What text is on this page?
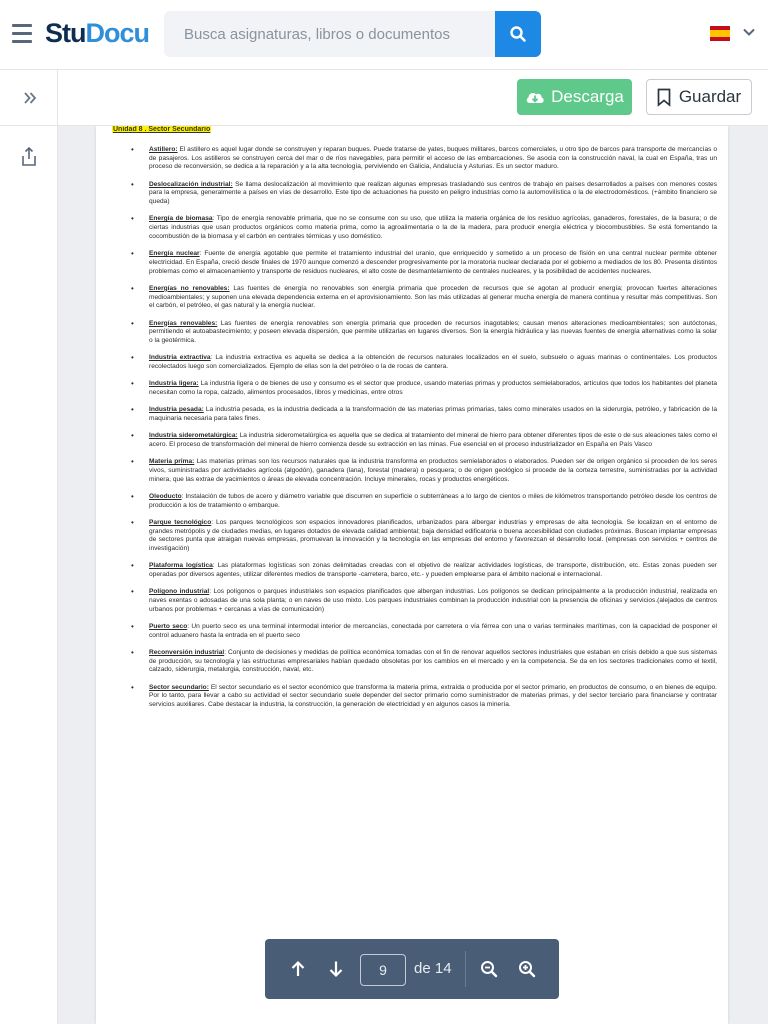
StuDocu
Busca asignaturas, libros o documentos
Descarga	Guardar
Unidad 8 . Sector Secundario
• Astillero: El astillero es aquel lugar donde se construyen y reparan buques. Puede tratarse de yates, buques militares, barcos comerciales, u otro tipo de barcos para transporte de mercancías o de pasajeros. Los astilleros se construyen cerca del mar o de ríos navegables, para permitir el acceso de las embarcaciones. Se asocia con la construcción naval, la cual en España, tras un proceso de reconversión, se dedica a la reparación y a la alta tecnología, perviviendo en Galicia, Andalucía y Asturias. Es un sector maduro.
• Deslocalización industrial: Se llama deslocalización al movimiento que realizan algunas empresas trasladando sus centros de trabajo en países desarrollados a países con menores costes para la empresa, generalmente a países en vías de desarrollo. Este tipo de actuaciones ha puesto en peligro industrias como la automovilística o la de electrodomésticos. (+ámbito financiero se queda)
• Energía de biomasa: Tipo de energía renovable primaria, que no se consume con su uso, que utiliza la materia orgánica de los residuo agrícolas, ganaderos, forestales, de la basura; o de ciertas industrias que usan productos orgánicos como materia prima, como la agroalimentaria o la de la madera, para producir energía eléctrica y biocombustibles. Se está fomentando la cocombustión de la biomasa y el carbón en centrales térmicas y uso doméstico.
• Energía nuclear: Fuente de energía agotable que permite el tratamiento industrial del uranio, que enriquecido y sometido a un proceso de fisión en una central nuclear permite obtener electricidad. En España, creció desde finales de 1970 aunque comenzó a descender progresivamente por la moratoria nuclear declarada por el gobierno a mediados de los 80. Presenta distintos problemas como el almacenamiento y transporte de residuos nucleares, el alto coste de desmantelamiento de centrales nucleares, y la posibilidad de accidentes nucleares.
• Energías no renovables: Las fuentes de energía no renovables son energía primaria que proceden de recursos que se agotan al producir energía; provocan fuertes alteraciones medioambientales; y suponen una elevada dependencia externa en el aprovisionamiento. Son las más utilizadas al generar mucha energía de manera continua y resultar más competitivas. Son el carbón, el petróleo, el gas natural y la energía nuclear.
• Energías renovables: Las fuentes de energía renovables son energía primaria que proceden de recursos inagotables; causan menos alteraciones medioambientales; son autóctonas, permitiendo el autoabastecimiento; y poseen elevada dispersión, que permite utilizarlas en lugares diversos. Son la energía hidráulica y las nuevas fuentes de energía alternativas como la solar o la geotérmica.
• Industria extractiva: La industria extractiva es aquella se dedica a la obtención de recursos naturales localizados en el suelo, subsuelo o aguas marinas o continentales. Los productos recolectados luego son comercializados. Ejemplo de ellas son la del petróleo o la de rocas de cantera.
• Industria ligera: La industria ligera o de bienes de uso y consumo es el sector que produce, usando materias primas y productos semielaborados, artículos que todos los habitantes del planeta necesitan como la ropa, calzado, alimentos procesados, libros y medicinas, entre otros
• Industria pesada: La industria pesada, es la industria dedicada a la transformación de las materias primas primarias, tales como minerales usados en la siderurgia, petróleo, y fabricación de la maquinaria necesaria para tales fines.
• Industria siderometalúrgica: La industria siderometalúrgica es aquella que se dedica al tratamiento del mineral de hierro para obtener diferentes tipos de este o de sus aleaciones tales como el acero. El proceso de transformación del mineral de hierro comienza desde su extracción en las minas. Fue esencial en el proceso industrializador en España en País Vasco
• Materia prima: Las materias primas son los recursos naturales que la industria transforma en productos semielaborados o elaborados. Pueden ser de origen orgánico si proceden de los seres vivos, suministradas por actividades agrícola (algodón), ganadera (lana), forestal (madera) o pesquera; o de origen geológico si procede de la corteza terrestre, suministradas por la actividad minera, que las extrae de yacimientos o áreas de elevada concentración. Incluye minerales, rocas y productos energéticos.
• Oleoducto: Instalación de tubos de acero y diámetro variable que discurren en superficie o subterráneas a lo largo de cientos o miles de kilómetros transportando petróleo desde los centros de producción a los de tratamiento o embarque.
• Parque tecnológico: Los parques tecnológicos son espacios innovadores planificados, urbanizados para albergar industrias y empresas de alta tecnología. Se localizan en el entorno de grandes metrópolis y de ciudades medias, en lugares dotados de elevada calidad ambiental; baja densidad edificatoria o buena accesibilidad con ciudades próximas. Buscan implantar empresas de sectores punta que atraigan nuevas empresas, promuevan la innovación y la tecnología en las empresas del entorno y favorezcan el desarrollo local. (empresas con servicios + centros de investigación)
• Plataforma logística: Las plataformas logísticas son zonas delimitadas creadas con el objetivo de realizar actividades logísticas, de transporte, distribución, etc. Estas zonas pueden ser operadas por diversos agentes, utilizar diferentes medios de transporte -carretera, barco, etc.- y pueden emplearse para el ámbito nacional e internacional.
• Polígono industrial: Los polígonos o parques industriales son espacios planificados que albergan industrias. Los polígonos se dedican principalmente a la producción industrial, realizada en naves exentas o adosadas de una sola planta; o en naves de uso mixto. Los parques industriales combinan la producción industrial con la presencia de oficinas y servicios.(alejados de centros urbanos por problemas + cercanas a vías de comunicación)
• Puerto seco: Un puerto seco es una terminal intermodal interior de mercancías, conectada por carretera o vía férrea con una o varias terminales marítimas, con la capacidad de posponer el control aduanero hasta la entrada en el puerto seco
• Reconversión industrial: Conjunto de decisiones y medidas de política económica tomadas con el fin de renovar aquellos sectores industriales que estaban en crisis debido a que sus sistemas de producción, su tecnología y las estructuras empresariales habían quedado obsoletas por los cambios en el mercado y en la competencia. Se da en los sectores tradicionales como el textil, calzado, siderurgia, metalurgia, construcción, naval, etc.
• Sector secundario: El sector secundario es el sector económico que transforma la materia prima, extraída o producida por el sector primario, en productos de consumo, o en bienes de equipo. Por lo tanto, para llevar a cabo su actividad el sector secundario suele depender del sector primario como suministrador de materias primas, y del sector terciario para financiarse y contratar servicios auxiliares. Cabe destacar la industria, la construcción, la generación de electricidad y en algunos casos la minería.
9
de 14
